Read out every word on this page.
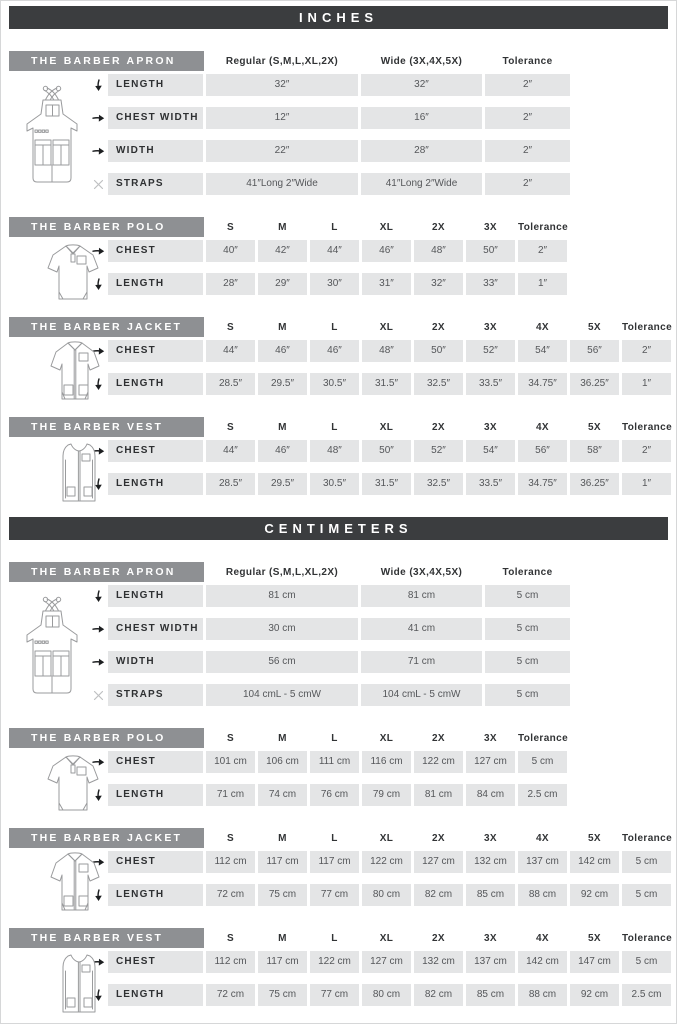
INCHES
THE BARBER APRON	Regular (S,M,L,XL,2X)	Wide (3X,4X,5X)	Tolerance
LENGTH	32″	32″	2″
CHEST WIDTH	12″	16″	2″
WIDTH	22″	28″	2″
STRAPS	41″Long 2″Wide	41″Long 2″Wide	2″
THE BARBER POLO	S	M	L	XL	2X	3X	Tolerance
CHEST	40″	42″	44″	46″	48″	50″	2″
LENGTH	28″	29″	30″	31″	32″	33″	1″
THE BARBER JACKET	S	M	L	XL	2X	3X	4X	5X	Tolerance
CHEST	44″	46″	46″	48″	50″	52″	54″	56″	2″
LENGTH	28.5″	29.5″	30.5″	31.5″	32.5″	33.5″	34.75″	36.25″	1″
THE BARBER VEST	S	M	L	XL	2X	3X	4X	5X	Tolerance
CHEST	44″	46″	48″	50″	52″	54″	56″	58″	2″
LENGTH	28.5″	29.5″	30.5″	31.5″	32.5″	33.5″	34.75″	36.25″	1″
CENTIMETERS
THE BARBER APRON	Regular (S,M,L,XL,2X)	Wide (3X,4X,5X)	Tolerance
LENGTH	81 cm	81 cm	5 cm
CHEST WIDTH	30 cm	41 cm	5 cm
WIDTH	56 cm	71 cm	5 cm
STRAPS	104 cmL - 5 cmW	104 cmL - 5 cmW	5 cm
THE BARBER POLO	S	M	L	XL	2X	3X	Tolerance
CHEST	101 cm	106 cm	111 cm	116 cm	122 cm	127 cm	5 cm
LENGTH	71 cm	74 cm	76 cm	79 cm	81 cm	84 cm	2.5 cm
THE BARBER JACKET	S	M	L	XL	2X	3X	4X	5X	Tolerance
CHEST	112 cm	117 cm	117 cm	122 cm	127 cm	132 cm	137 cm	142 cm	5 cm
LENGTH	72 cm	75 cm	77 cm	80 cm	82 cm	85 cm	88 cm	92 cm	5 cm
THE BARBER VEST	S	M	L	XL	2X	3X	4X	5X	Tolerance
CHEST	112 cm	117 cm	122 cm	127 cm	132 cm	137 cm	142 cm	147 cm	5 cm
LENGTH	72 cm	75 cm	77 cm	80 cm	82 cm	85 cm	88 cm	92 cm	2.5 cm
